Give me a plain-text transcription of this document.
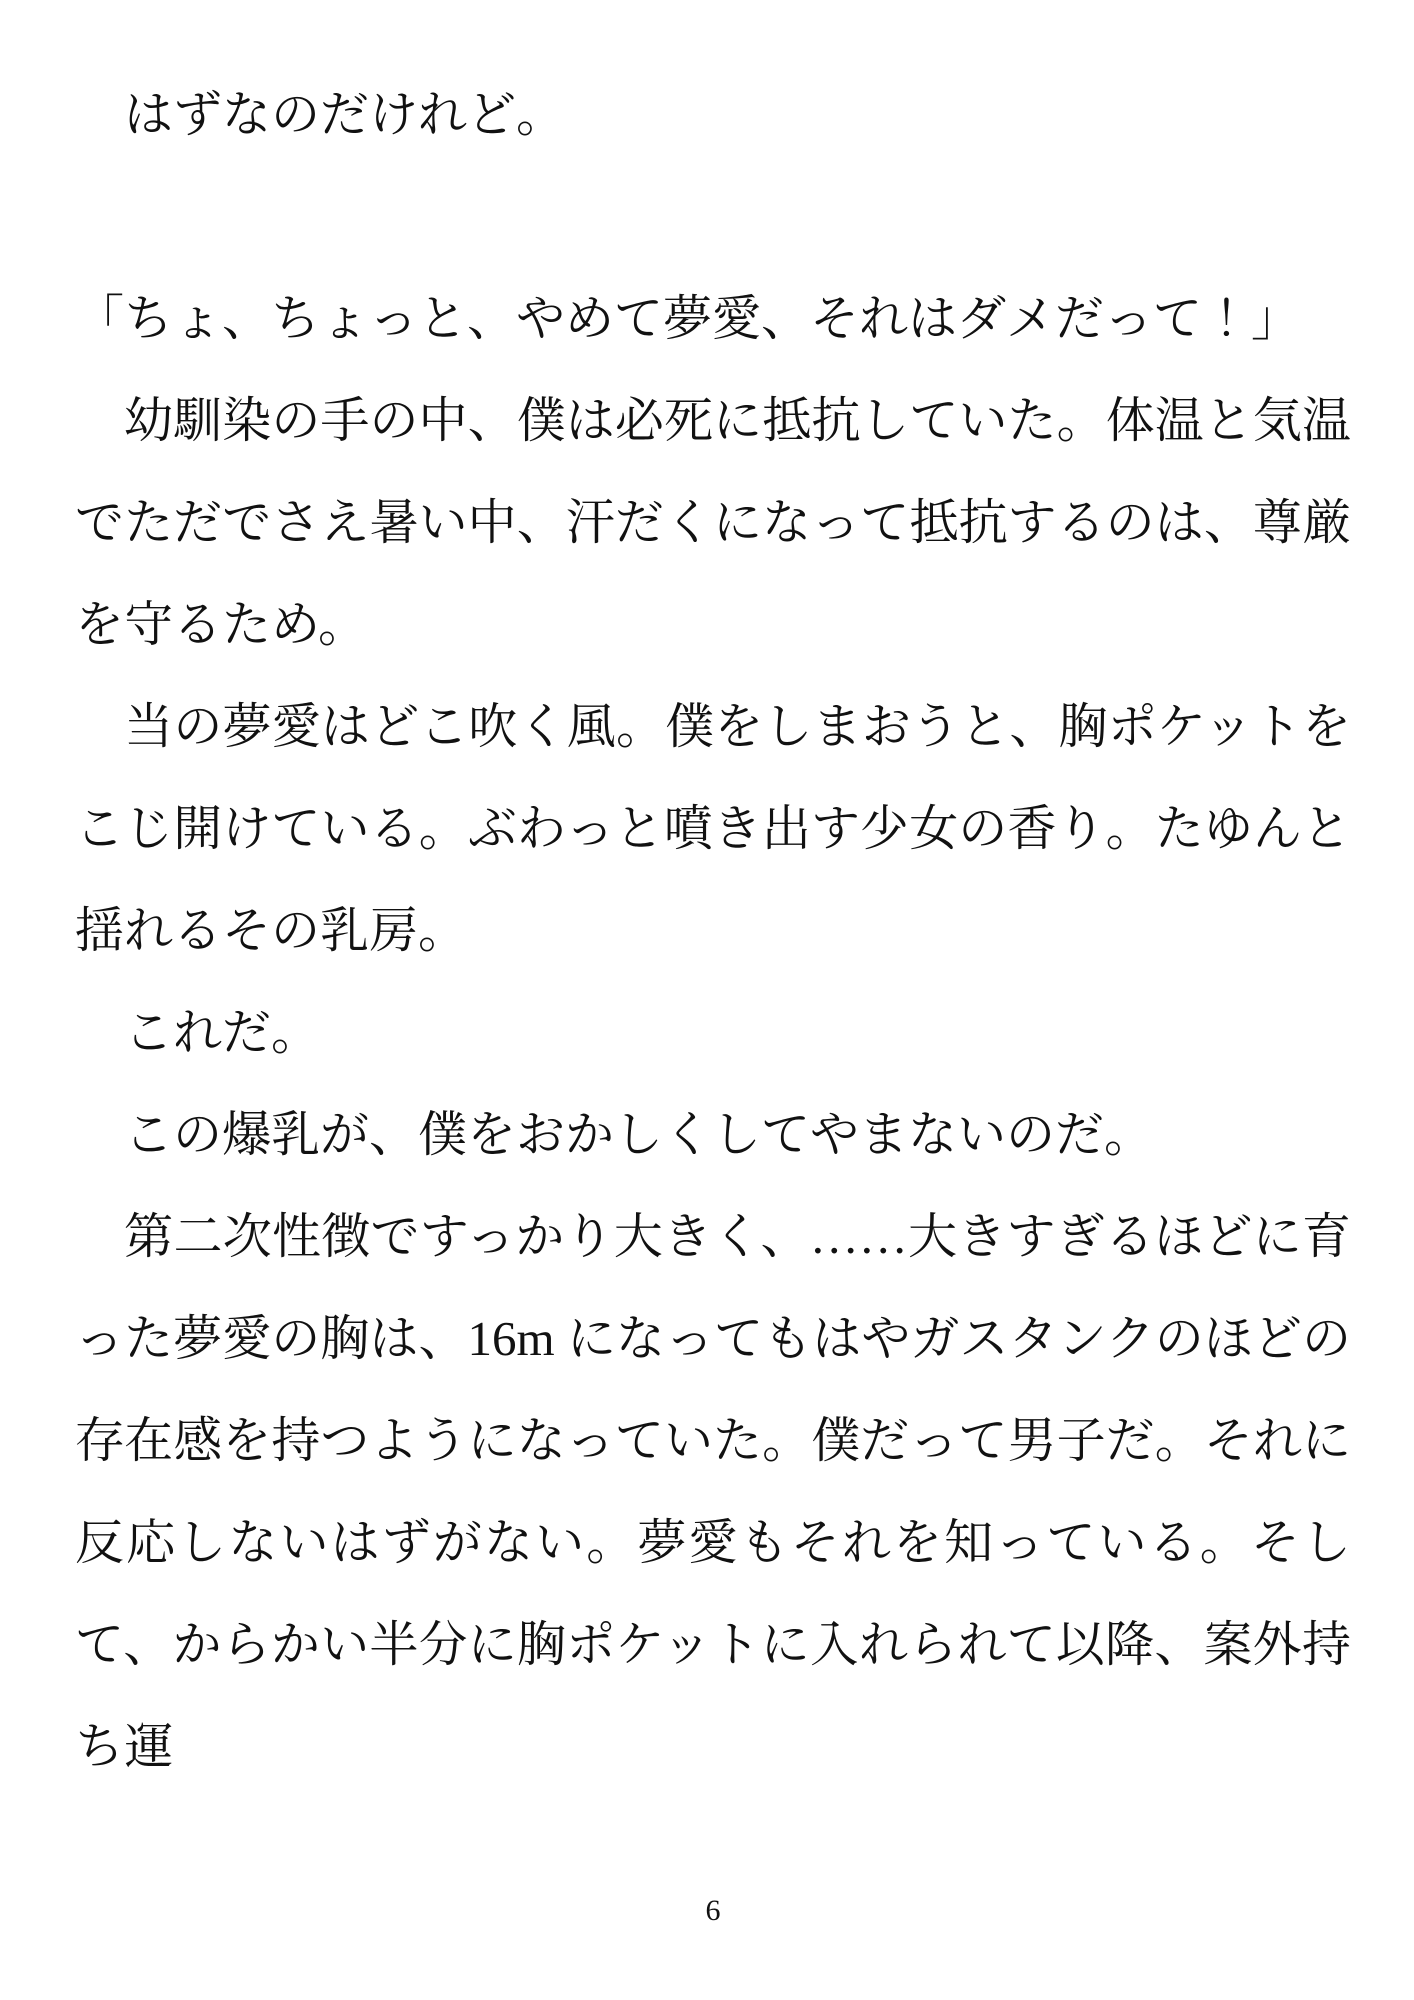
　はずなのだけれど。

「ちょ、ちょっと、やめて夢愛、それはダメだって！」

　幼馴染の手の中、僕は必死に抵抗していた。体温と気温でただでさえ暑い中、汗だくになって抵抗するのは、尊厳を守るため。

　当の夢愛はどこ吹く風。僕をしまおうと、胸ポケットをこじ開けている。ぶわっと噴き出す少女の香り。たゆんと揺れるその乳房。

　これだ。

　この爆乳が、僕をおかしくしてやまないのだ。

　第二次性徴ですっかり大きく、……大きすぎるほどに育った夢愛の胸は、16m になってもはやガスタンクのほどの存在感を持つようになっていた。僕だって男子だ。それに反応しないはずがない。夢愛もそれを知っている。そして、からかい半分に胸ポケットに入れられて以降、案外持ち運

6
